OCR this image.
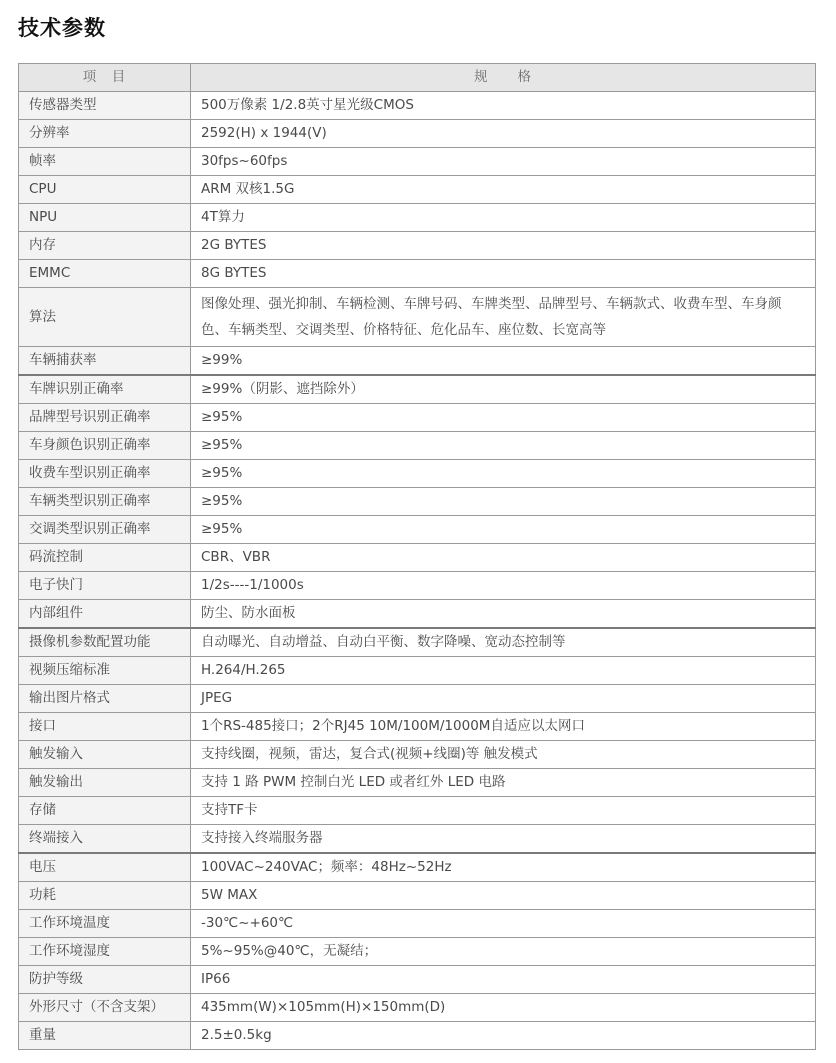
技术参数
项　目	规　　格
传感器类型	500万像素 1/2.8英寸星光级CMOS
分辨率	2592(H) x 1944(V)
帧率	30fps~60fps
CPU	ARM 双核1.5G
NPU	4T算力
内存	2G BYTES
EMMC	8G BYTES
算法	图像处理、强光抑制、车辆检测、车牌号码、车牌类型、品牌型号、车辆款式、收费车型、车身颜色、车辆类型、交调类型、价格特征、危化品车、座位数、长宽高等
车辆捕获率	≥99%
车牌识别正确率	≥99%（阴影、遮挡除外）
品牌型号识别正确率	≥95%
车身颜色识别正确率	≥95%
收费车型识别正确率	≥95%
车辆类型识别正确率	≥95%
交调类型识别正确率	≥95%
码流控制	CBR、VBR
电子快门	1/2s----1/1000s
内部组件	防尘、防水面板
摄像机参数配置功能	自动曝光、自动增益、自动白平衡、数字降噪、宽动态控制等
视频压缩标准	H.264/H.265
输出图片格式	JPEG
接口	1个RS-485接口；2个RJ45 10M/100M/1000M自适应以太网口
触发输入	支持线圈，视频，雷达，复合式(视频+线圈)等 触发模式
触发输出	支持 1 路 PWM 控制白光 LED 或者红外 LED 电路
存储	支持TF卡
终端接入	支持接入终端服务器
电压	100VAC~240VAC；频率：48Hz~52Hz
功耗	5W MAX
工作环境温度	-30℃~+60℃
工作环境湿度	5%~95%@40℃，无凝结；
防护等级	IP66
外形尺寸（不含支架）	435mm(W)×105mm(H)×150mm(D)
重量	2.5±0.5kg
